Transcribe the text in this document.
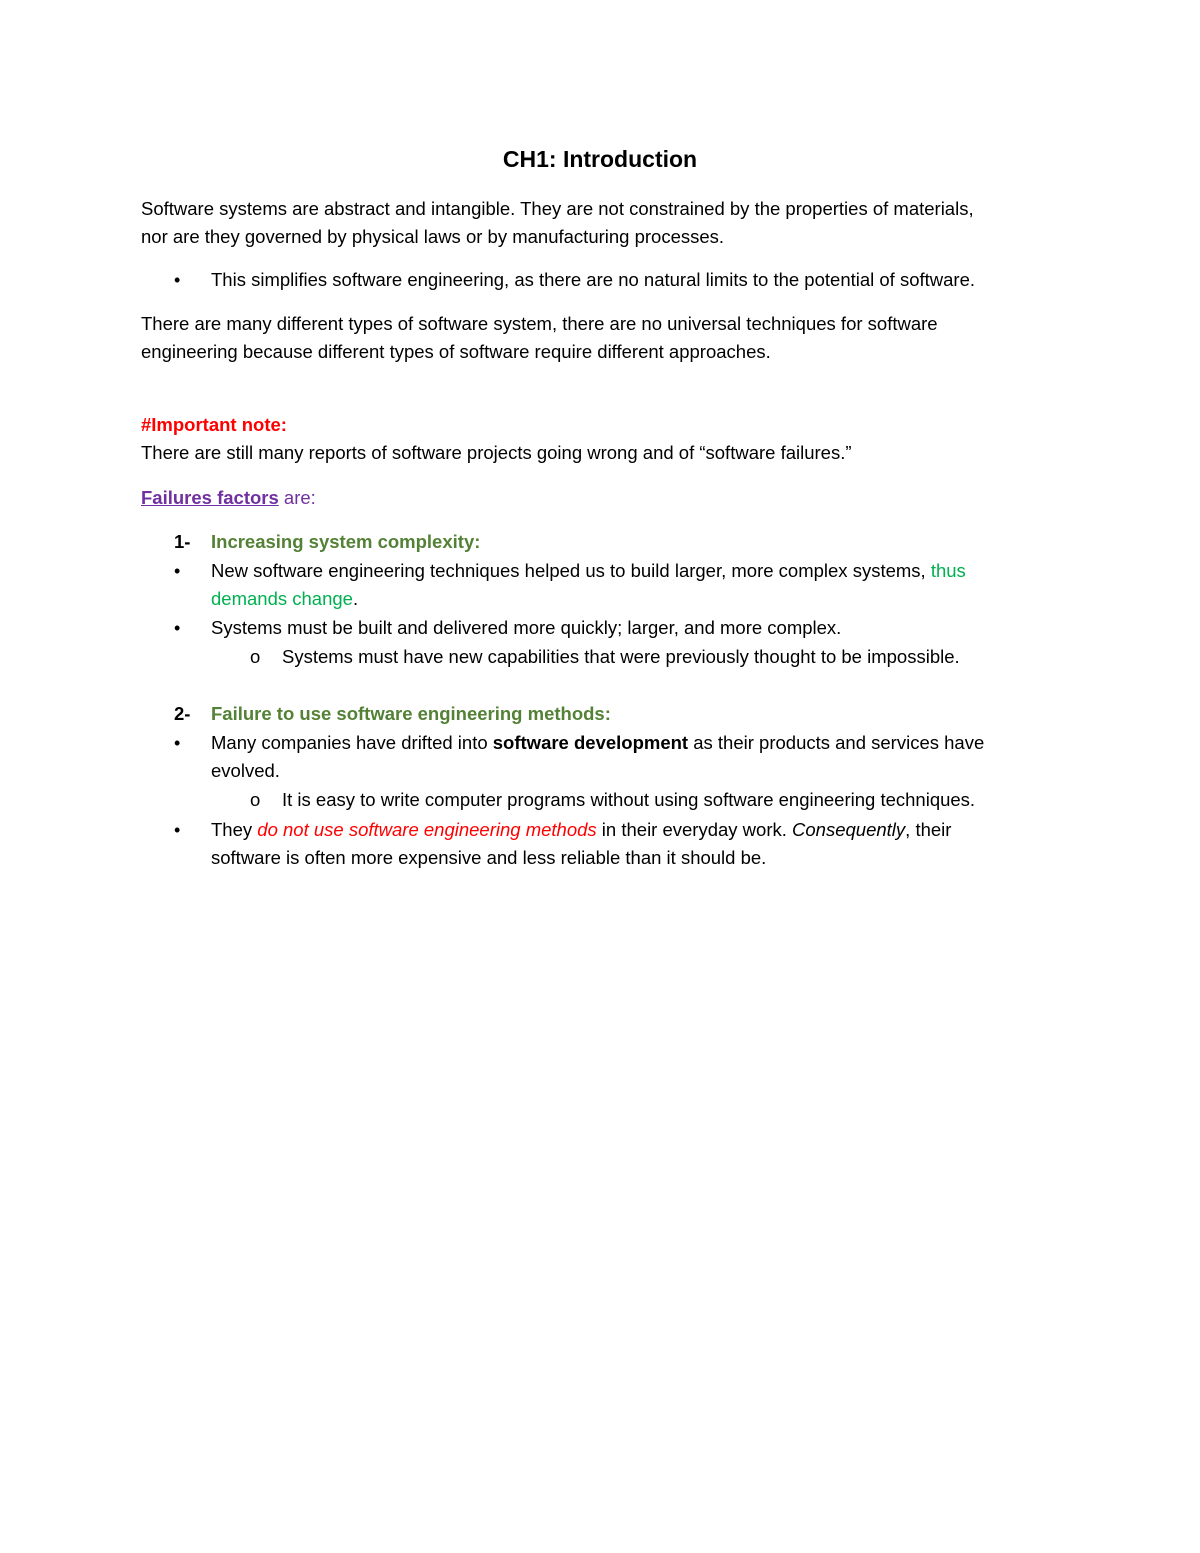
CH1: Introduction
Software systems are abstract and intangible. They are not constrained by the properties of materials,
nor are they governed by physical laws or by manufacturing processes.
• This simplifies software engineering, as there are no natural limits to the potential of software.
There are many different types of software system, there are no universal techniques for software
engineering because different types of software require different approaches.
#Important note:
There are still many reports of software projects going wrong and of “software failures.”
Failures factors are:
1- Increasing system complexity:
• New software engineering techniques helped us to build larger, more complex systems, thus
demands change.
• Systems must be built and delivered more quickly; larger, and more complex.
o Systems must have new capabilities that were previously thought to be impossible.
2- Failure to use software engineering methods:
• Many companies have drifted into software development as their products and services have
evolved.
o It is easy to write computer programs without using software engineering techniques.
• They do not use software engineering methods in their everyday work. Consequently, their
software is often more expensive and less reliable than it should be.
